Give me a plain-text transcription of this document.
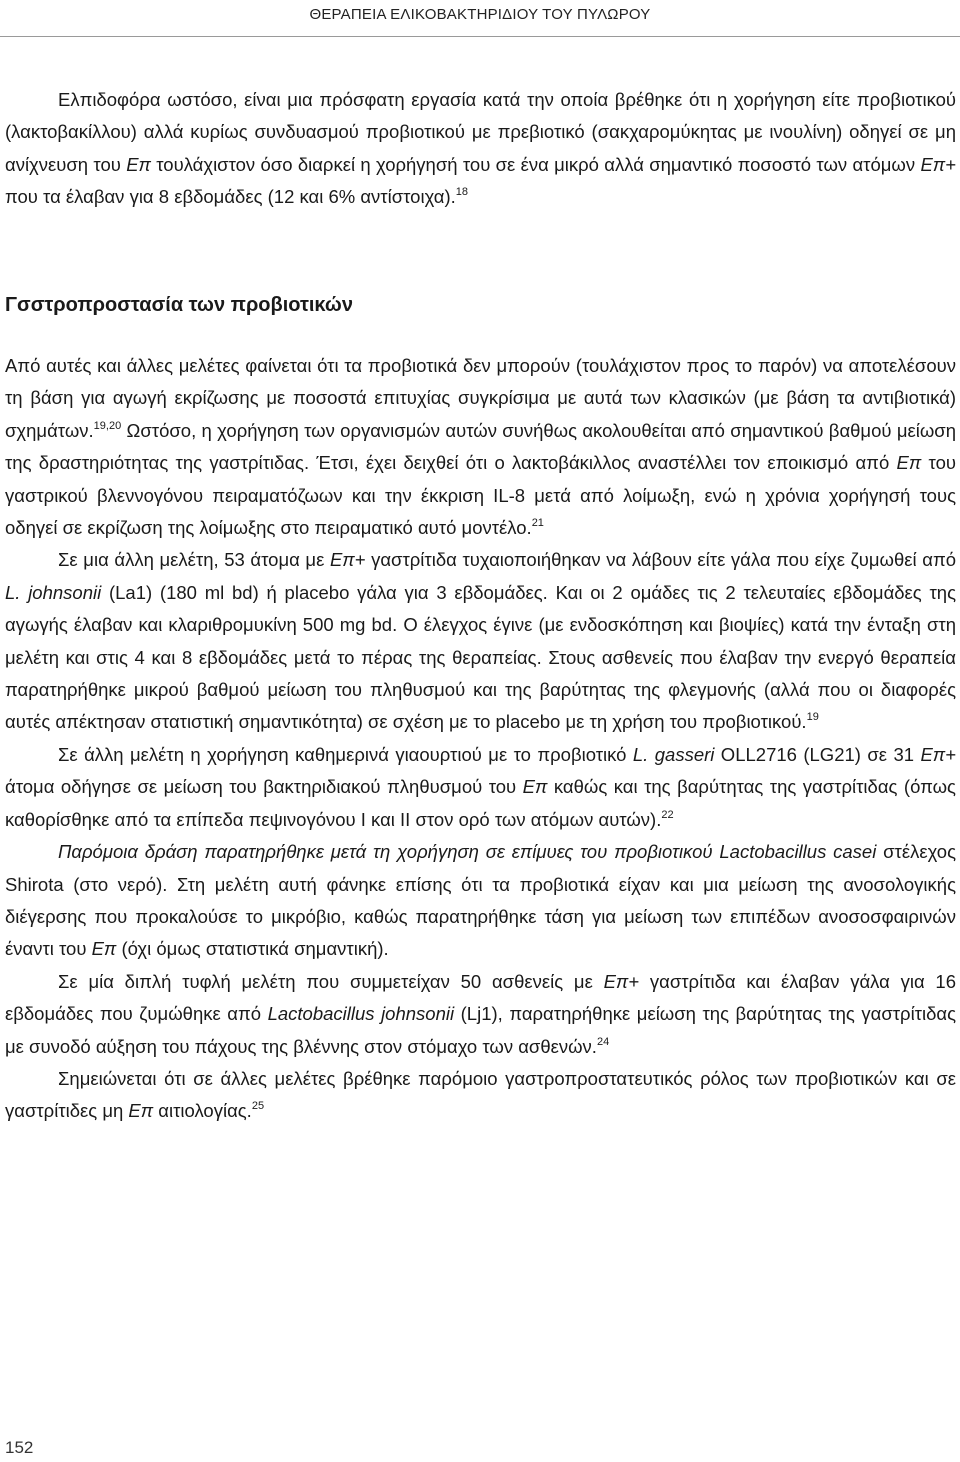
ΘΕΡΑΠΕΙΑ ΕΛΙΚΟΒΑΚΤΗΡΙΔΙΟΥ ΤΟΥ ΠΥΛΩΡΟΥ

Ελπιδοφόρα ωστόσο, είναι μια πρόσφατη εργασία κατά την οποία βρέθηκε ότι η χορήγηση είτε προβιοτικού (λακτοβακίλλου) αλλά κυρίως συνδυασμού προβιοτικού με πρεβιοτικό (σακχαρομύκητας με ινουλίνη) οδηγεί σε μη ανίχνευση του Επ τουλάχιστον όσο διαρκεί η χορήγησή του σε ένα μικρό αλλά σημαντικό ποσοστό των ατόμων Επ+ που τα έλαβαν για 8 εβδομάδες (12 και 6% αντίστοιχα).$^{18}$

Γσστροπροστασία των προβιοτικών

Από αυτές και άλλες μελέτες φαίνεται ότι τα προβιοτικά δεν μπορούν (τουλάχιστον προς το παρόν) να αποτελέσουν τη βάση για αγωγή εκρίζωσης με ποσοστά επιτυχίας συγκρίσιμα με αυτά των κλασικών (με βάση τα αντιβιοτικά) σχημάτων.$^{19,20}$ Ωστόσο, η χορήγηση των οργανισμών αυτών συνήθως ακολουθείται από σημαντικού βαθμού μείωση της δραστηριότητας της γαστρίτιδας. Έτσι, έχει δειχθεί ότι ο λακτοβάκιλλος αναστέλλει τον εποικισμό από Επ του γαστρικού βλεννογόνου πειραματόζωων και την έκκριση IL-8 μετά από λοίμωξη, ενώ η χρόνια χορήγησή τους οδηγεί σε εκρίζωση της λοίμωξης στο πειραματικό αυτό μοντέλο.$^{21}$

Σε μια άλλη μελέτη, 53 άτομα με Επ+ γαστρίτιδα τυχαιοποιήθηκαν να λάβουν είτε γάλα που είχε ζυμωθεί από L. johnsonii (La1) (180 ml bd) ή placebo γάλα για 3 εβδομάδες. Και οι 2 ομάδες τις 2 τελευταίες εβδομάδες της αγωγής έλαβαν και κλαριθρομυκίνη 500 mg bd. Ο έλεγχος έγινε (με ενδοσκόπηση και βιοψίες) κατά την ένταξη στη μελέτη και στις 4 και 8 εβδομάδες μετά το πέρας της θεραπείας. Στους ασθενείς που έλαβαν την ενεργό θεραπεία παρατηρήθηκε μικρού βαθμού μείωση του πληθυσμού και της βαρύτητας της φλεγμονής (αλλά που οι διαφορές αυτές απέκτησαν στατιστική σημαντικότητα) σε σχέση με το placebo με τη χρήση του προβιοτικού.$^{19}$

Σε άλλη μελέτη η χορήγηση καθημερινά γιαουρτιού με το προβιοτικό L. gasseri OLL2716 (LG21) σε 31 Επ+ άτομα οδήγησε σε μείωση του βακτηριδιακού πληθυσμού του Επ καθώς και της βαρύτητας της γαστρίτιδας (όπως καθορίσθηκε από τα επίπεδα πεψινογόνου I και II στον ορό των ατόμων αυτών).$^{22}$

Παρόμοια δράση παρατηρήθηκε μετά τη χορήγηση σε επίμυες του προβιοτικού Lactobacillus casei στέλεχος Shirota (στο νερό). Στη μελέτη αυτή φάνηκε επίσης ότι τα προβιοτικά είχαν και μια μείωση της ανοσολογικής διέγερσης που προκαλούσε το μικρόβιο, καθώς παρατηρήθηκε τάση για μείωση των επιπέδων ανοσοσφαιρινών έναντι του Επ (όχι όμως στατιστικά σημαντική).

Σε μία διπλή τυφλή μελέτη που συμμετείχαν 50 ασθενείς με Επ+ γαστρίτιδα και έλαβαν γάλα για 16 εβδομάδες που ζυμώθηκε από Lactobacillus johnsonii (Lj1), παρατηρήθηκε μείωση της βαρύτητας της γαστρίτιδας με συνοδό αύξηση του πάχους της βλέννης στον στόμαχο των ασθενών.$^{24}$

Σημειώνεται ότι σε άλλες μελέτες βρέθηκε παρόμοιο γαστροπροστατευτικός ρόλος των προβιοτικών και σε γαστρίτιδες μη Επ αιτιολογίας.$^{25}$

152
